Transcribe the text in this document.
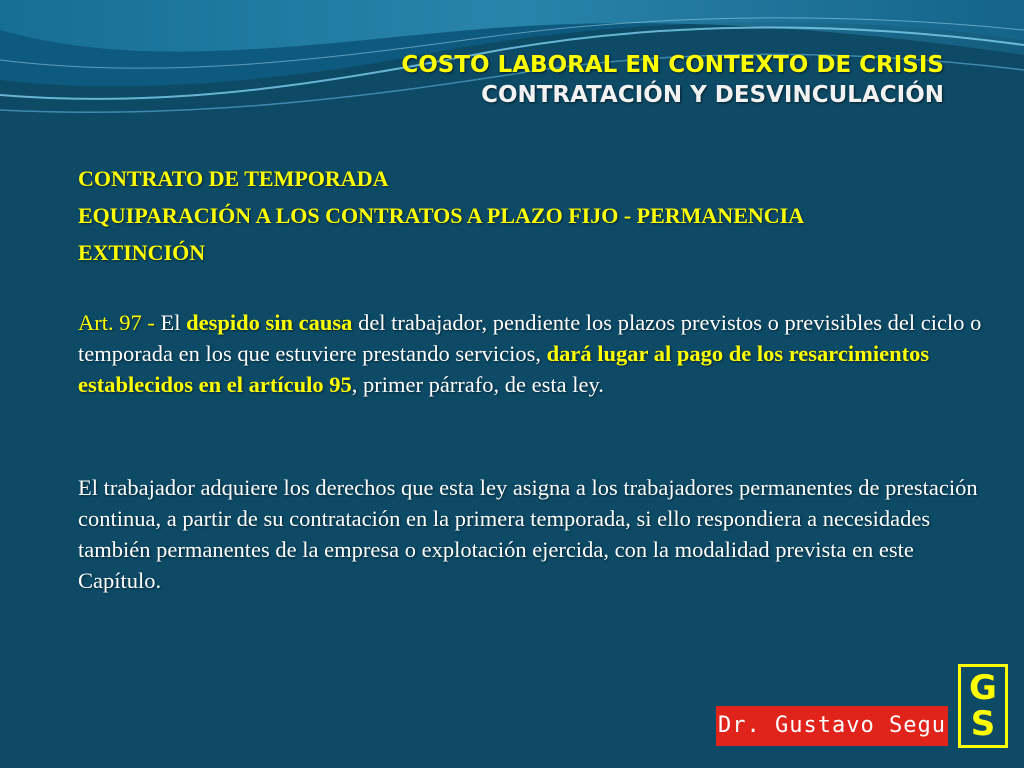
COSTO LABORAL EN CONTEXTO DE CRISIS
CONTRATACIÓN Y DESVINCULACIÓN
CONTRATO DE TEMPORADA
EQUIPARACIÓN A LOS CONTRATOS A PLAZO FIJO - PERMANENCIA
EXTINCIÓN
Art. 97 - El despido sin causa del trabajador, pendiente los plazos previstos o previsibles del ciclo o temporada en los que estuviere prestando servicios, dará lugar al pago de los resarcimientos establecidos en el artículo 95, primer párrafo, de esta ley.
El trabajador adquiere los derechos que esta ley asigna a los trabajadores permanentes de prestación continua, a partir de su contratación en la primera temporada, si ello respondiera a necesidades también permanentes de la empresa o explotación ejercida, con la modalidad prevista en este Capítulo.
Dr. Gustavo Segu
G
S
